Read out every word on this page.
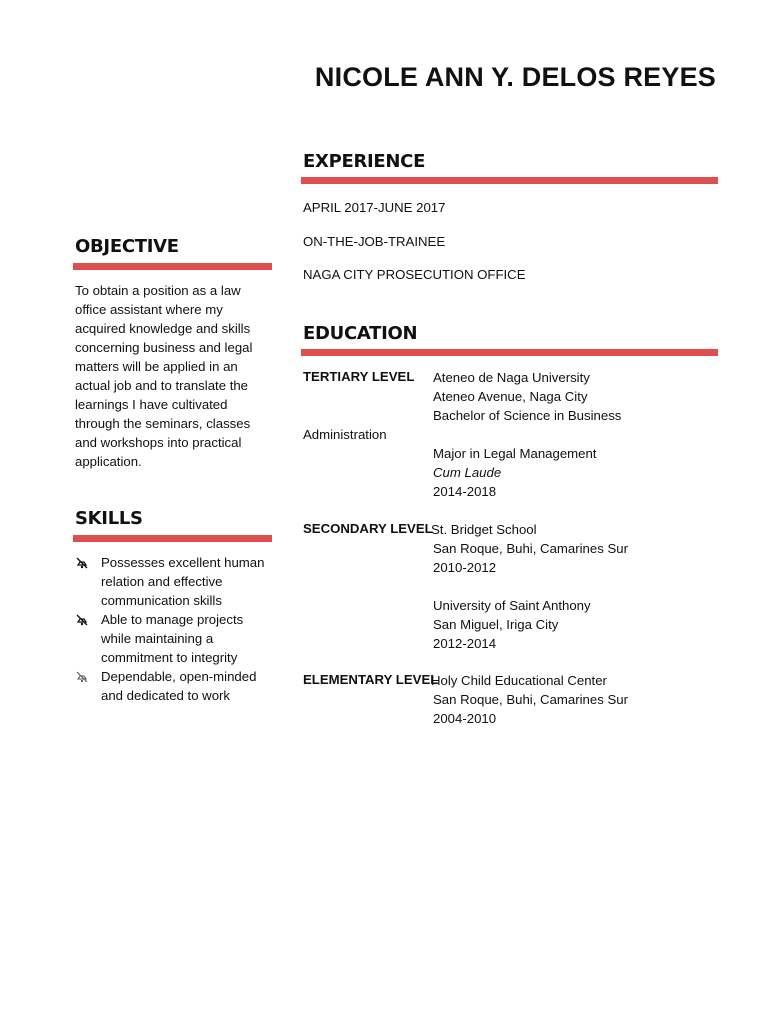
NICOLE ANN Y. DELOS REYES
OBJECTIVE
To obtain a position as a law office assistant where my acquired knowledge and skills concerning business and legal matters will be applied in an actual job and to translate the learnings I have cultivated through the seminars, classes and workshops into practical application.
SKILLS
Possesses excellent human relation and effective communication skills
Able to manage projects while maintaining a commitment to integrity
Dependable, open-minded and dedicated to work
EXPERIENCE
APRIL 2017-JUNE 2017
ON-THE-JOB-TRAINEE
NAGA CITY PROSECUTION OFFICE
EDUCATION
TERTIARY LEVEL Ateneo de Naga University
Ateneo Avenue, Naga City
Bachelor of Science in Business
Administration
Major in Legal Management
Cum Laude
2014-2018
SECONDARY LEVEL
St. Bridget School
San Roque, Buhi, Camarines Sur
2010-2012
University of Saint Anthony
San Miguel, Iriga City
2012-2014
ELEMENTARY LEVEL
Holy Child Educational Center
San Roque, Buhi, Camarines Sur
2004-2010
